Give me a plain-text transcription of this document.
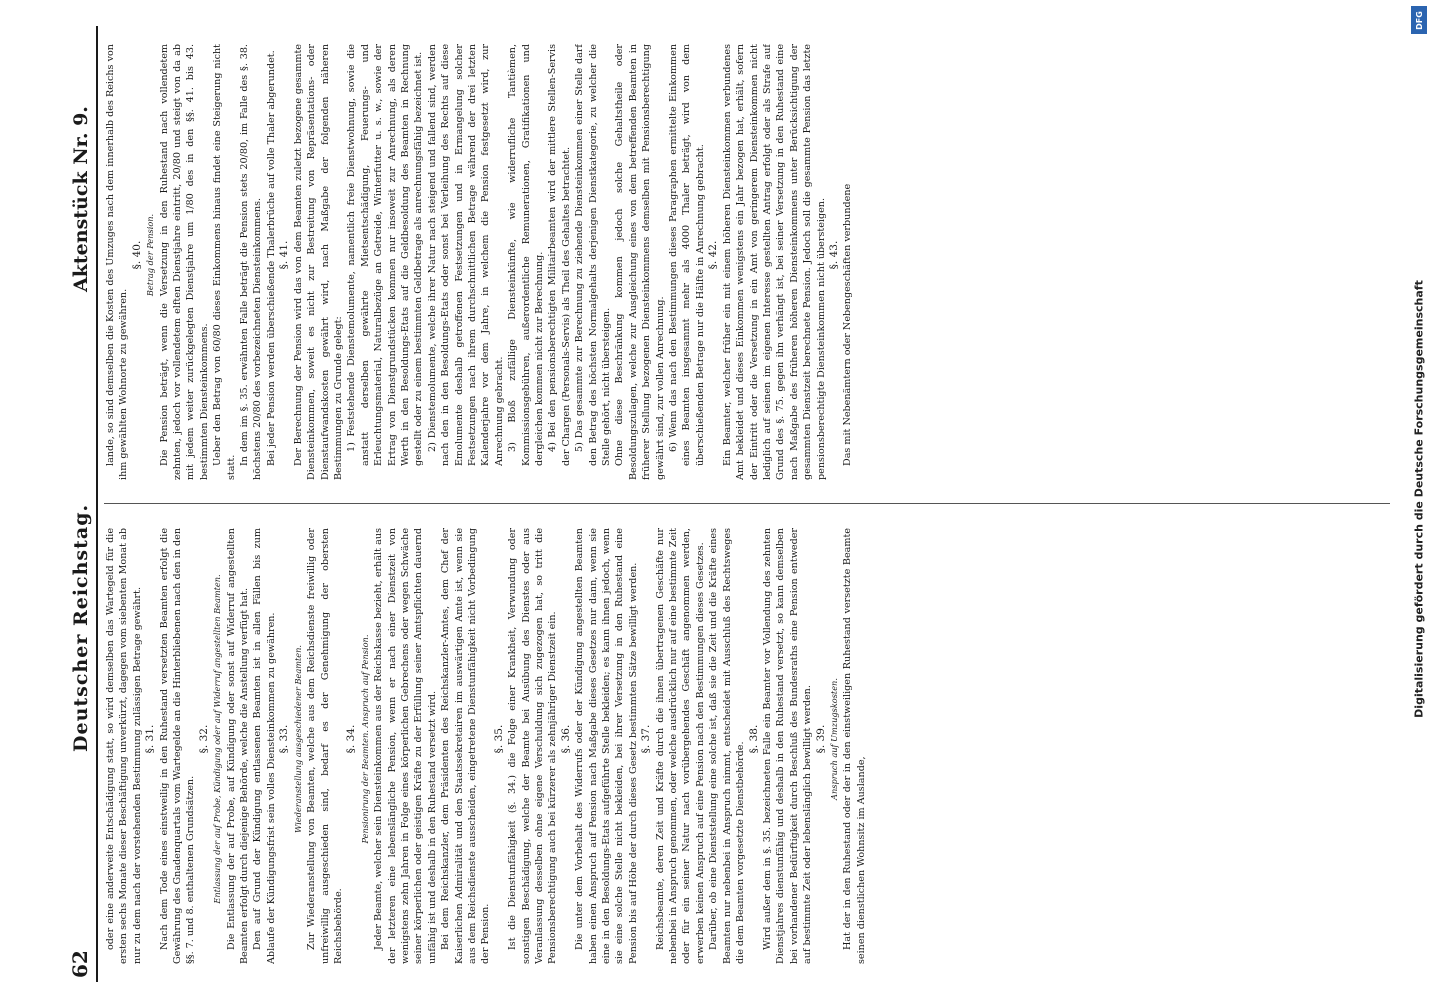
62
Deutscher Reichstag.
Aktenstück Nr. 9.

oder eine anderweite Entschädigung statt, so wird demselben das Wartegeld für die ersten sechs Monate dieser Beschäftigung unverkürzt, dagegen vom siebenten Monat ab nur zu dem nach der vorstehenden Bestimmung zulässigen Betrage gewährt. §. 31. Nach dem Tode eines einstweilig in den Ruhestand versetzten Beamten erfolgt die Gewährung des Gnadenquartals vom Wartegelde an die Hinterbliebenen nach den in den §§. 7. und 8. enthaltenen Grundsätzen.

§. 32. Entlassung der auf Probe, Kündigung oder auf Widerruf angestellten Beamten. Die Entlassung der auf Probe, auf Kündigung oder sonst auf Widerruf angestellten Beamten erfolgt durch diejenige Behörde, welche die Anstellung verfügt hat. Den auf Grund der Kündigung entlassenen Beamten ist in allen Fällen bis zum Ablaufe der Kündigungsfrist sein volles Diensteinkommen zu gewähren. §. 33. Wiederanstellung ausgeschiedener Beamten. Zur Wiederanstellung von Beamten, welche aus dem Reichsdienste freiwillig oder unfreiwillig ausgeschieden sind, bedarf es der Genehmigung der obersten Reichsbehörde.

§. 34. Pensionirung der Beamten. Anspruch auf Pension. Jeder Beamte, welcher sein Diensteinkommen aus der Reichskasse bezieht, erhält aus der letzteren eine lebenslängliche Pension, wenn er nach einer Dienstzeit von wenigstens zehn Jahren in Folge eines körperlichen Gebrechens oder wegen Schwäche seiner körperlichen oder geistigen Kräfte zu der Erfüllung seiner Amtspflichten dauernd unfähig ist und deshalb in den Ruhestand versetzt wird. Bei dem Reichskanzler, dem Präsidenten des Reichskanzler-Amtes, dem Chef der Kaiserlichen Admiralität und den Staatssekretairen im auswärtigen Amte ist, wenn sie aus dem Reichsdienste ausscheiden, eingetretene Dienstunfähigkeit nicht Vorbedingung der Pension.

§. 35. Ist die Dienstunfähigkeit (§. 34.) die Folge einer Krankheit, Verwundung oder sonstigen Beschädigung, welche der Beamte bei Ausübung des Dienstes oder aus Veranlassung desselben ohne eigene Verschuldung sich zugezogen hat, so tritt die Pensionsberechtigung auch bei kürzerer als zehnjähriger Dienstzeit ein. §. 36. Die unter dem Vorbehalt des Widerrufs oder der Kündigung angestellten Beamten haben einen Anspruch auf Pension nach Maßgabe dieses Gesetzes nur dann, wenn sie eine in den Besoldungs-Etats aufgeführte Stelle bekleiden; es kann ihnen jedoch, wenn sie eine solche Stelle nicht bekleiden, bei ihrer Versetzung in den Ruhestand eine Pension bis auf Höhe der durch dieses Gesetz bestimmten Sätze bewilligt werden. §. 37. Reichsbeamte, deren Zeit und Kräfte durch die ihnen übertragenen Geschäfte nur nebenbei in Anspruch genommen, oder welche ausdrücklich nur auf eine bestimmte Zeit oder für ein seiner Natur nach vorübergehendes Geschäft angenommen werden, erwerben keinen Anspruch auf eine Pension nach den Bestimmungen dieses Gesetzes. Darüber, ob eine Dienststellung eine solche ist, daß sie die Zeit und die Kräfte eines Beamten nur nebenbei in Anspruch nimmt, entscheidet mit Ausschluß des Rechtsweges die dem Beamten vorgesetzte Dienstbehörde.

§. 38. Wird außer dem in §. 35. bezeichneten Falle ein Beamter vor Vollendung des zehnten Dienstjahres dienstunfähig und deshalb in den Ruhestand versetzt, so kann demselben bei vorhandener Bedürftigkeit durch Beschluß des Bundesraths eine Pension entweder auf bestimmte Zeit oder lebenslänglich bewilligt werden. §. 39. Anspruch auf Umzugskosten. Hat der in den Ruhestand oder der in den einstweiligen Ruhestand versetzte Beamte seinen dienstlichen Wohnsitz im Auslande,

lande, so sind demselben die Kosten des Umzuges nach dem innerhalb des Reichs von ihm gewählten Wohnorte zu gewähren.

§. 40. Betrag der Pension. Die Pension beträgt, wenn die Versetzung in den Ruhestand nach vollendetem zehnten, jedoch vor vollendetem elften Dienstjahre eintritt, 20/80 und steigt von da ab mit jedem weiter zurückgelegten Dienstjahre um 1/80 des in den §§. 41. bis 43. bestimmten Diensteinkommens. Ueber den Betrag von 60/80 dieses Einkommens hinaus findet eine Steigerung nicht statt.

In dem im §. 35. erwähnten Falle beträgt die Pension stets 20/80, im Falle des §. 38. höchstens 20/80 des vorbezeichneten Diensteinkommens. Bei jeder Pension werden überschießende Thalerbrüche auf volle Thaler abgerundet. §. 41. Der Berechnung der Pension wird das von dem Beamten zuletzt bezogene gesammte Diensteinkommen, soweit es nicht zur Bestreitung von Repräsentations- oder Dienstaufwandskosten gewährt wird, nach Maßgabe der folgenden näheren Bestimmungen zu Grunde gelegt: 1) Feststehende Dienstemolumente, namentlich freie Dienstwohnung, sowie die anstatt derselben gewährte Mietsentschädigung, Feuerungs- und Erleuchtungsmaterial, Naturalbezüge an Getreide, Winterfutter u. s. w., sowie der Ertrag von Dienstgrundstücken kommen nur insoweit zur Anrechnung, als deren Werth in den Besoldungs-Etats auf die Geldbesoldung des Beamten in Rechnung gestellt oder zu einem bestimmten Geldbetrage als anrechnungsfähig bezeichnet ist. 2) Dienstemolumente, welche ihrer Natur nach steigend und fallend sind, werden nach den in den Besoldungs-Etats oder sonst bei Verleihung des Rechts auf diese Emolumente deshalb getroffenen Festsetzungen und in Ermangelung solcher Festsetzungen nach ihrem durchschnittlichen Betrage während der drei letzten Kalenderjahre vor dem Jahre, in welchem die Pension festgesetzt wird, zur Anrechnung gebracht. 3) Bloß zufällige Diensteinkünfte, wie widerrufliche Tantièmen, Kommissionsgebühren, außerordentliche Remunerationen, Gratifikationen und dergleichen kommen nicht zur Berechnung. 4) Bei den pensionsberechtigten Militairbeamten wird der mittlere Stellen-Servis der Chargen (Personals-Servis) als Theil des Gehaltes betrachtet. 5) Das gesammte zur Berechnung zu ziehende Diensteinkommen einer Stelle darf den Betrag des höchsten Normalgehalts derjenigen Dienstkategorie, zu welcher die Stelle gehört, nicht übersteigen. Ohne diese Beschränkung kommen jedoch solche Gehaltstheile oder Besoldungszulagen, welche zur Ausgleichung eines von dem betreffenden Beamten in früherer Stellung bezogenen Diensteinkommens demselben mit Pensionsberechtigung gewährt sind, zur vollen Anrechnung. 6) Wenn das nach den Bestimmungen dieses Paragraphen ermittelte Einkommen eines Beamten insgesammt mehr als 4000 Thaler beträgt, wird von dem überschießenden Betrage nur die Hälfte in Anrechnung gebracht. §. 42. Ein Beamter, welcher früher ein mit einem höheren Diensteinkommen verbundenes Amt bekleidet und dieses Einkommen wenigstens ein Jahr bezogen hat, erhält, sofern der Eintritt oder die Versetzung in ein Amt von geringerem Diensteinkommen nicht lediglich auf seinen im eigenen Interesse gestellten Antrag erfolgt oder als Strafe auf Grund des §. 75. gegen ihn verhängt ist, bei seiner Versetzung in den Ruhestand eine nach Maßgabe des früheren höheren Diensteinkommens unter Berücksichtigung der gesammten Dienstzeit berechnete Pension. Jedoch soll die gesammte Pension das letzte pensionsberechtigte Diensteinkommen nicht übersteigen. §. 43. Das mit Nebenämtern oder Nebengeschäften verbundene	Digitalisierung gefördert durch die Deutsche Forschungsgemeinschaft
DFG
